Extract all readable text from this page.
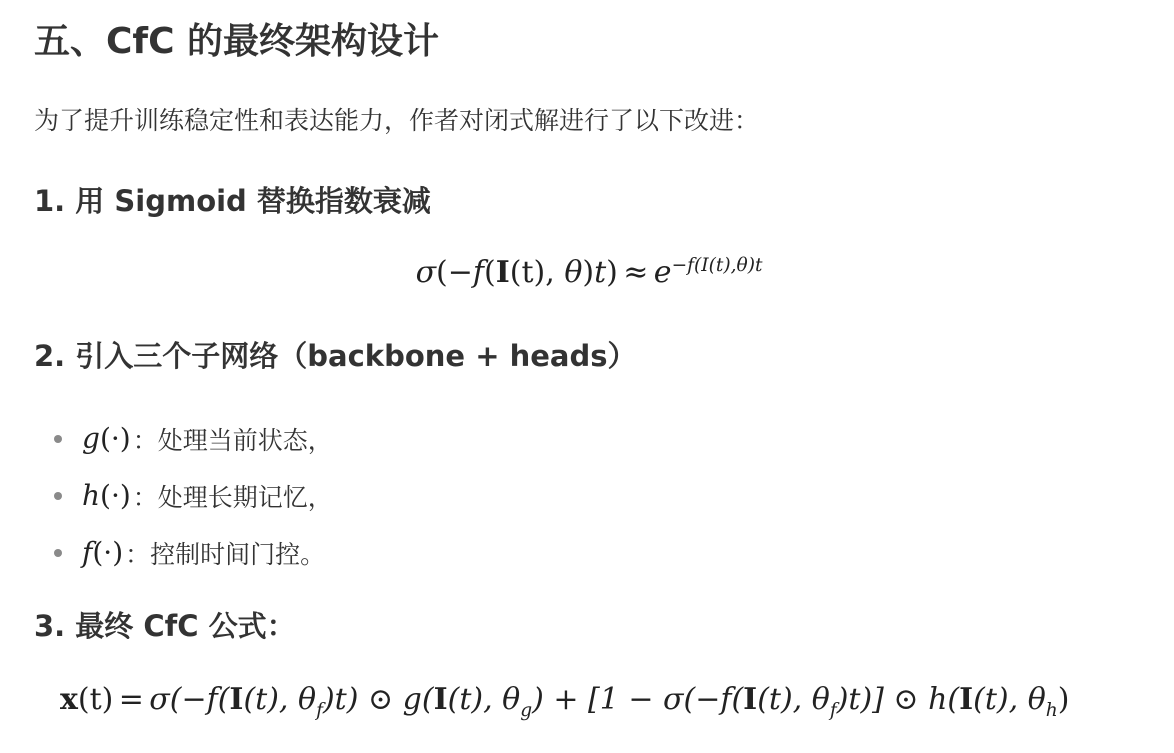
五、CfC 的最终架构设计
为了提升训练稳定性和表达能力，作者对闭式解进行了以下改进：
1. 用 Sigmoid 替换指数衰减
σ(−f(I(t), $\theta)t) \approx e^{-f(I(t),\theta)t}$
2. 引入三个子网络（backbone + heads）
g(·) ：处理当前状态，
h(·) ：处理长期记忆，
f(·) ：控制时间门控。
3. 最终 CfC 公式：
x(t) = σ(−f(I(t), $\theta_f)t$) ⊙ g(I(t), $\theta_g) + [1 - \sigma(-f(I(t)$, $\theta_f)t$)] ⊙ h(I(t), $\theta_h$)
